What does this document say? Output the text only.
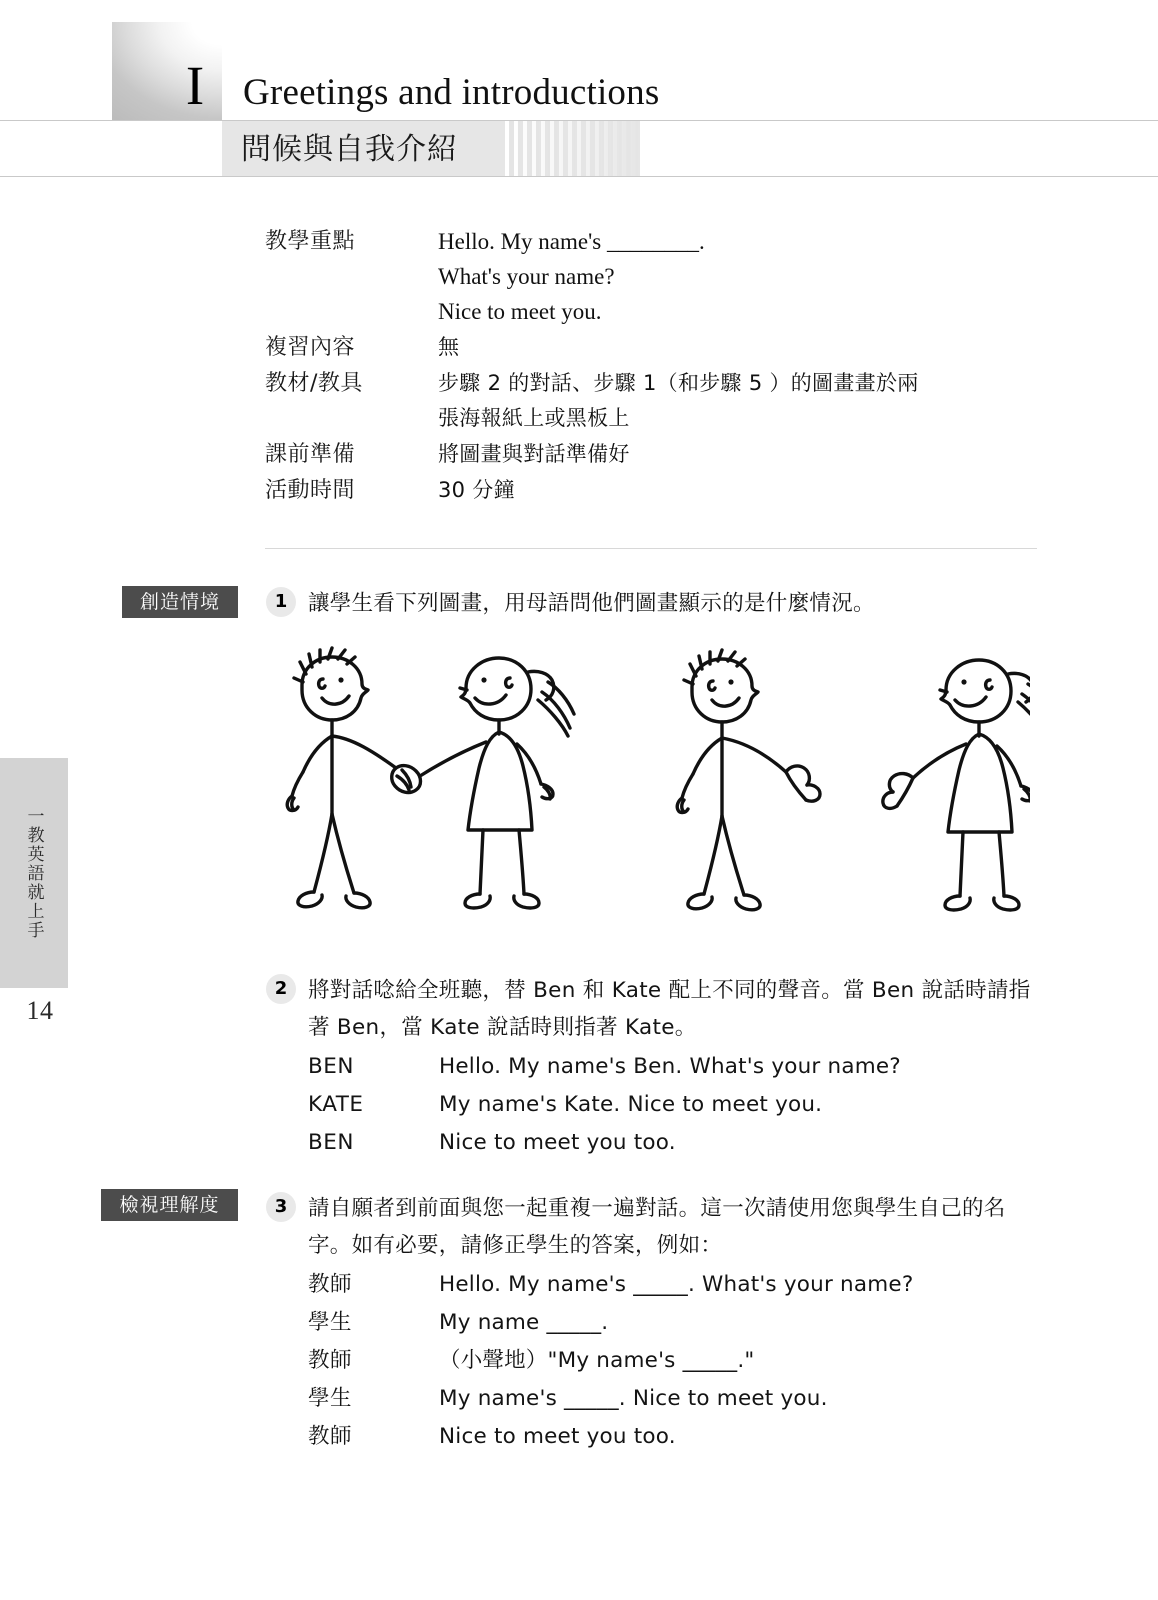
I	Greetings and introductions
問候與自我介紹
一教英語就上手
14
教學重點	Hello. My name's ________.
What's your name?
Nice to meet you.
複習內容	無
教材/教具	步驟 2 的對話、步驟 1（和步驟 5 ）的圖畫畫於兩
張海報紙上或黑板上
課前準備	將圖畫與對話準備好
活動時間	30 分鐘
創造情境	1 讓學生看下列圖畫，用母語問他們圖畫顯示的是什麼情況。
將對話唸給全班聽，替 Ben 和 Kate 配上不同的聲音。當 Ben 說話時請指著 Ben，當 Kate 說話時則指著 Kate。
BEN	Hello. My name's Ben. What's your name?
KATE	My name's Kate. Nice to meet you.
BEN	Nice to meet you too.
檢視理解度	3 請自願者到前面與您一起重複一遍對話。這一次請使用您與學生自己的名字。如有必要，請修正學生的答案，例如：
教師	Hello. My name's _____. What's your name?
學生	My name _____.
教師	（小聲地）"My name's _____."
學生	My name's _____. Nice to meet you.
教師	Nice to meet you too.
2
